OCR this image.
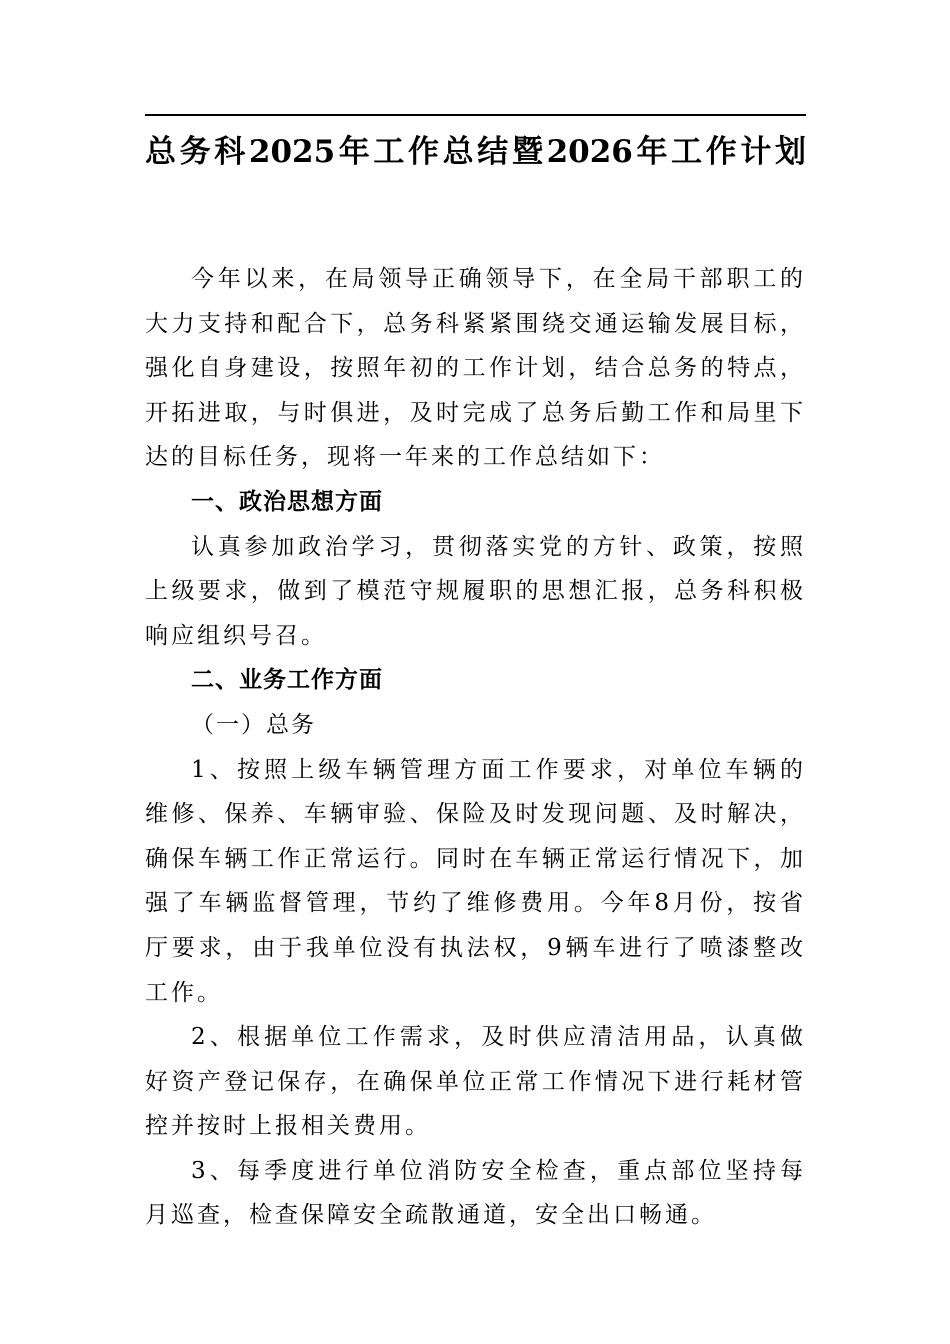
总务科2025年工作总结暨2026年工作计划

今年以来，在局领导正确领导下，在全局干部职工的大力支持和配合下，总务科紧紧围绕交通运输发展目标，强化自身建设，按照年初的工作计划，结合总务的特点，开拓进取，与时俱进，及时完成了总务后勤工作和局里下达的目标任务，现将一年来的工作总结如下：

一、政治思想方面

认真参加政治学习，贯彻落实党的方针、政策，按照上级要求，做到了模范守规履职的思想汇报，总务科积极响应组织号召。

二、业务工作方面

（一）总务

1、按照上级车辆管理方面工作要求，对单位车辆的维修、保养、车辆审验、保险及时发现问题、及时解决，确保车辆工作正常运行。同时在车辆正常运行情况下，加强了车辆监督管理，节约了维修费用。今年8月份，按省厅要求，由于我单位没有执法权，9辆车进行了喷漆整改工作。

2、根据单位工作需求，及时供应清洁用品，认真做好资产登记保存，在确保单位正常工作情况下进行耗材管控并按时上报相关费用。

3、每季度进行单位消防安全检查，重点部位坚持每月巡查，检查保障安全疏散通道，安全出口畅通。
